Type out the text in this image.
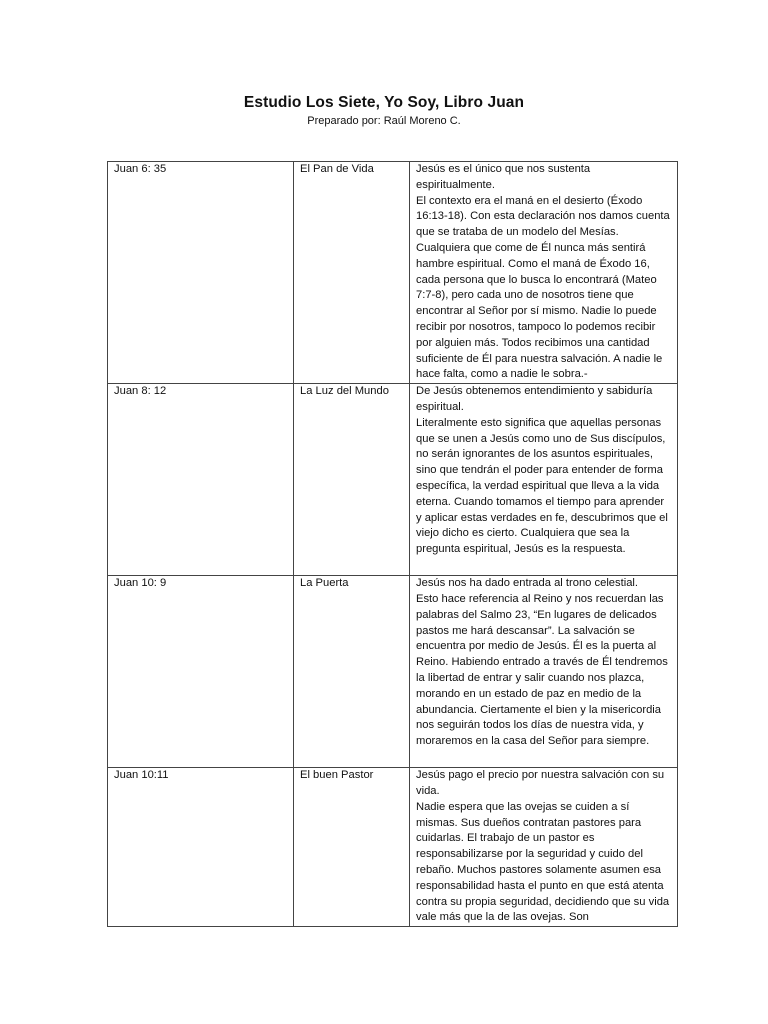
Estudio Los Siete, Yo Soy, Libro Juan
Preparado por: Raúl Moreno C.
Juan 6: 35	El Pan de Vida	Jesús es el único que nos sustenta espiritualmente.
El contexto era el maná en el desierto (Éxodo 16:13-18). Con esta declaración nos damos cuenta que se trataba de un modelo del Mesías. Cualquiera que come de Él nunca más sentirá hambre espiritual. Como el maná de Éxodo 16, cada persona que lo busca lo encontrará (Mateo 7:7-8), pero cada uno de nosotros tiene que encontrar al Señor por sí mismo. Nadie lo puede recibir por nosotros, tampoco lo podemos recibir por alguien más. Todos recibimos una cantidad suficiente de Él para nuestra salvación. A nadie le hace falta, como a nadie le sobra.-

Juan 8: 12	La Luz del Mundo	De Jesús obtenemos entendimiento y sabiduría espiritual.
Literalmente esto significa que aquellas personas que se unen a Jesús como uno de Sus discípulos, no serán ignorantes de los asuntos espirituales, sino que tendrán el poder para entender de forma específica, la verdad espiritual que lleva a la vida eterna. Cuando tomamos el tiempo para aprender y aplicar estas verdades en fe, descubrimos que el viejo dicho es cierto. Cualquiera que sea la pregunta espiritual, Jesús es la respuesta.

Juan 10: 9	La Puerta	Jesús nos ha dado entrada al trono celestial.
Esto hace referencia al Reino y nos recuerdan las palabras del Salmo 23, “En lugares de delicados pastos me hará descansar”. La salvación se encuentra por medio de Jesús. Él es la puerta al Reino. Habiendo entrado a través de Él tendremos la libertad de entrar y salir cuando nos plazca, morando en un estado de paz en medio de la abundancia. Ciertamente el bien y la misericordia nos seguirán todos los días de nuestra vida, y moraremos en la casa del Señor para siempre.

Juan 10:11	El buen Pastor	Jesús pago el precio por nuestra salvación con su vida.
Nadie espera que las ovejas se cuiden a sí mismas. Sus dueños contratan pastores para cuidarlas. El trabajo de un pastor es responsabilizarse por la seguridad y cuido del rebaño. Muchos pastores solamente asumen esa responsabilidad hasta el punto en que está atenta contra su propia seguridad, decidiendo que su vida vale más que la de las ovejas. Son
